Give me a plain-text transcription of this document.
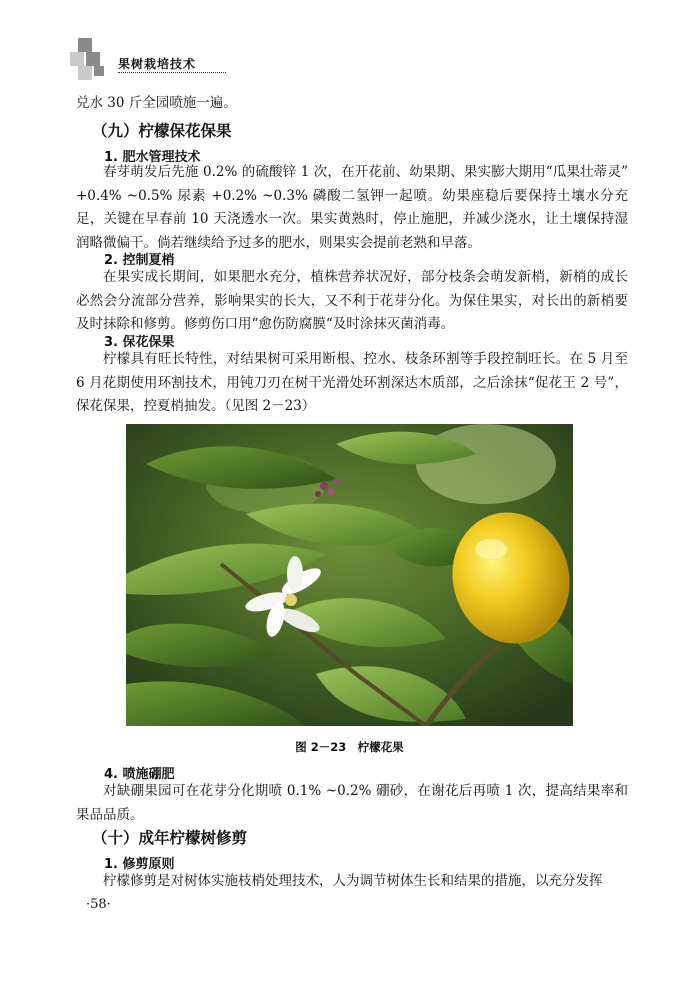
果树栽培技术
兑水 30 斤全园喷施一遍。
（九）柠檬保花保果
1. 肥水管理技术
春芽萌发后先施 0.2% 的硫酸锌 1 次，在开花前、幼果期、果实膨大期用“瓜果壮蒂灵” +0.4% ~0.5% 尿素 +0.2% ~0.3% 磷酸二氢钾一起喷。幼果座稳后要保持土壤水分充足，关键在早春前 10 天浇透水一次。果实黄熟时，停止施肥，并减少浇水，让土壤保持湿润略微偏干。倘若继续给予过多的肥水，则果实会提前老熟和早落。
2. 控制夏梢
在果实成长期间，如果肥水充分，植株营养状况好，部分枝条会萌发新梢，新梢的成长必然会分流部分营养，影响果实的长大，又不利于花芽分化。为保住果实，对长出的新梢要及时抹除和修剪。修剪伤口用“愈伤防腐膜“及时涂抹灭菌消毒。
3. 保花保果
柠檬具有旺长特性，对结果树可采用断根、控水、枝条环割等手段控制旺长。在 5 月至 6 月花期使用环割技术，用钝刀刃在树干光滑处环割深达木质部，之后涂抹“促花王 2 号”，保花保果，控夏梢抽发。（见图 2－23）
图 2－23　柠檬花果
4. 喷施硼肥
对缺硼果园可在花芽分化期喷 0.1% ~0.2% 硼砂，在谢花后再喷 1 次，提高结果率和果品品质。
（十）成年柠檬树修剪
1. 修剪原则
柠檬修剪是对树体实施枝梢处理技术，人为调节树体生长和结果的措施，以充分发挥
·58·
